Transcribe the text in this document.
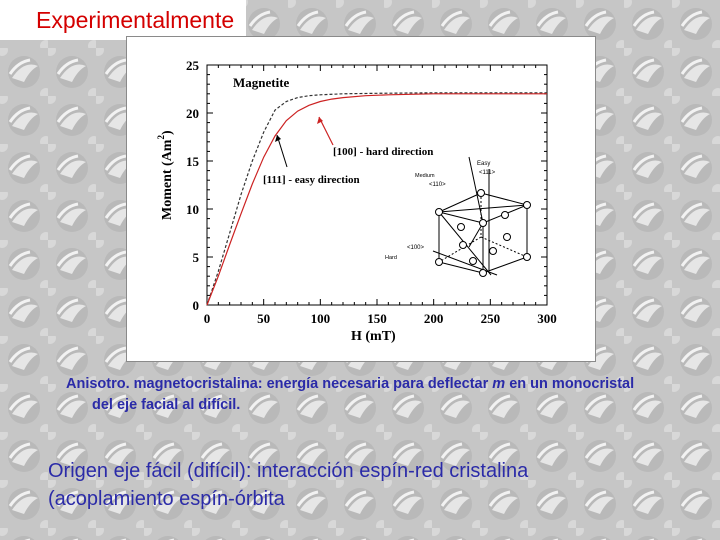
Experimentalmente
0	50	100	150	200	250	300
0
5
10
15
20
25
Magnetite
Moment (Am$^2$)
H (mT)
[100] - hard direction
[111] - easy direction
Easy
<111>
Medium
<110>
<100>
Hard
Anisotro. magnetocristalina: energía necesaria para deflectar m en un monocristal
del eje facial al difícil.
Origen eje fácil (difícil): interacción espín-red cristalina
(acoplamiento espín-órbita
